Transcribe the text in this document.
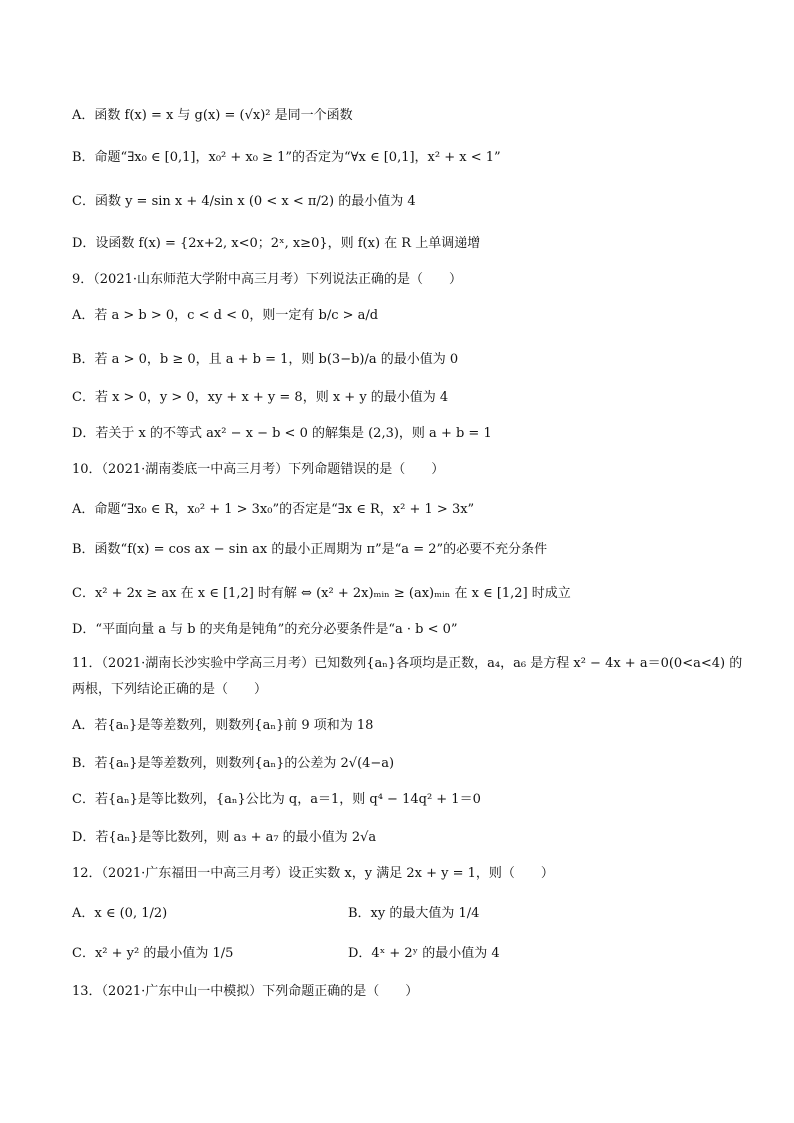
A．函数 f(x) = x 与 g(x) = (√x)² 是同一个函数
B．命题“∃x₀ ∈ [0,1]，x₀² + x₀ ≥ 1”的否定为“∀x ∈ [0,1]，x² + x < 1”
C．函数 y = sin x + 4/sin x (0 < x < π/2) 的最小值为 4
D．设函数 f(x) = {2x+2, x<0；2ˣ, x≥0}，则 f(x) 在 R 上单调递增
9．（2021·山东师范大学附中高三月考）下列说法正确的是（　　）
A．若 a > b > 0，c < d < 0，则一定有 b/c > a/d
B．若 a > 0，b ≥ 0，且 a + b = 1，则 b(3−b)/a 的最小值为 0
C．若 x > 0，y > 0，xy + x + y = 8，则 x + y 的最小值为 4
D．若关于 x 的不等式 ax² − x − b < 0 的解集是 (2,3)，则 a + b = 1
10．（2021·湖南娄底一中高三月考）下列命题错误的是（　　）
A．命题“∃x₀ ∈ R，x₀² + 1 > 3x₀”的否定是“∃x ∈ R，x² + 1 > 3x”
B．函数“f(x) = cos ax − sin ax 的最小正周期为 π”是“a = 2”的必要不充分条件
C．x² + 2x ≥ ax 在 x ∈ [1,2] 时有解 ⇔ (x² + 2x)ₘᵢₙ ≥ (ax)ₘᵢₙ 在 x ∈ [1,2] 时成立
D．“平面向量 a 与 b 的夹角是钝角”的充分必要条件是“a · b < 0”
11．（2021·湖南长沙实验中学高三月考）已知数列{aₙ}各项均是正数，a₄，a₆ 是方程 x² − 4x + a＝0(0<a<4) 的
两根，下列结论正确的是（　　）
A．若{aₙ}是等差数列，则数列{aₙ}前 9 项和为 18
B．若{aₙ}是等差数列，则数列{aₙ}的公差为 2√(4−a)
C．若{aₙ}是等比数列，{aₙ}公比为 q，a＝1，则 q⁴ − 14q² + 1＝0
D．若{aₙ}是等比数列，则 a₃ + a₇ 的最小值为 2√a
12．（2021·广东福田一中高三月考）设正实数 x，y 满足 2x + y = 1，则（　　）
A．x ∈ (0, 1/2)	B．xy 的最大值为 1/4
C．x² + y² 的最小值为 1/5	D．4ˣ + 2ʸ 的最小值为 4
13．（2021·广东中山一中模拟）下列命题正确的是（　　）
